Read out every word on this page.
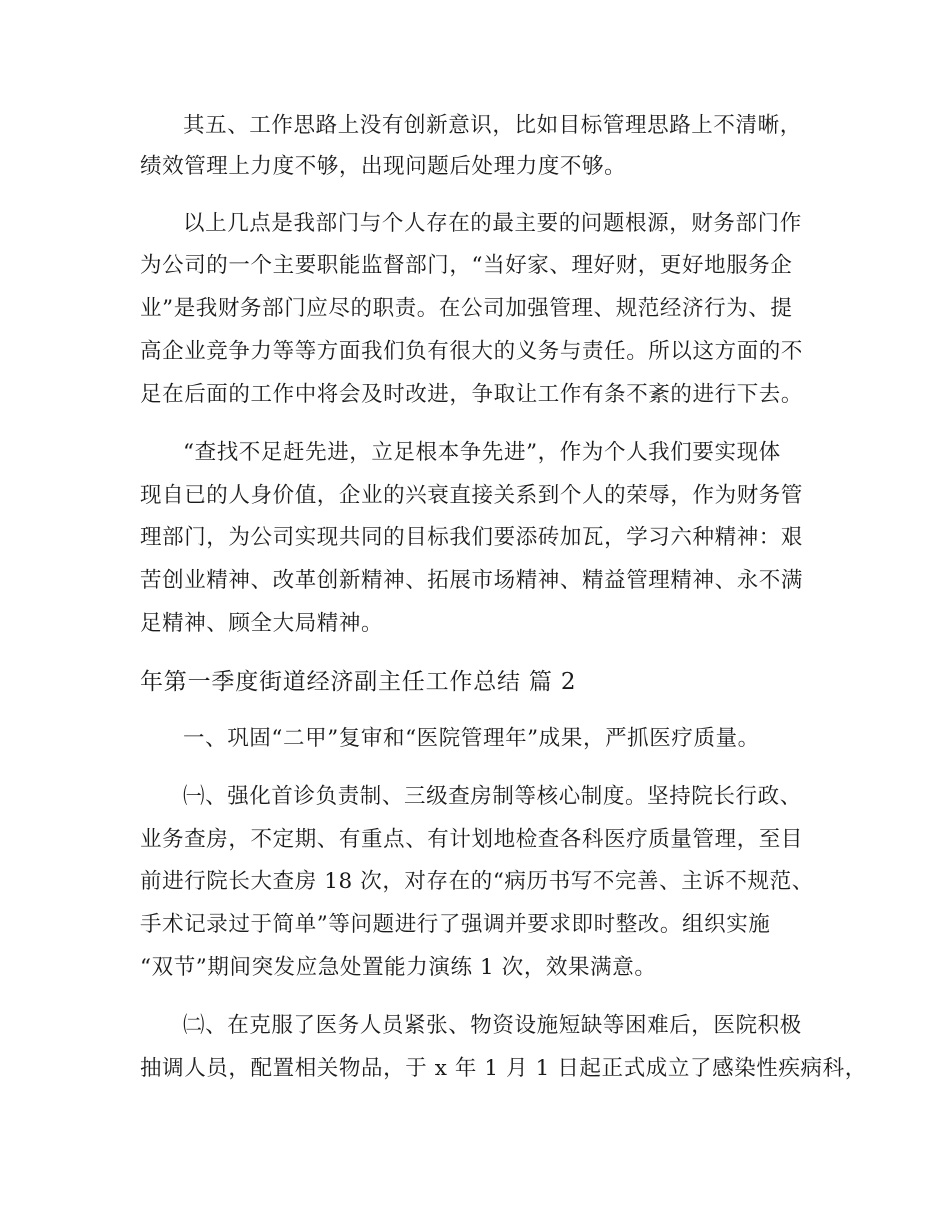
其五、工作思路上没有创新意识，比如目标管理思路上不清晰，
绩效管理上力度不够，出现问题后处理力度不够。
以上几点是我部门与个人存在的最主要的问题根源，财务部门作
为公司的一个主要职能监督部门，“当好家、理好财，更好地服务企
业”是我财务部门应尽的职责。在公司加强管理、规范经济行为、提
高企业竞争力等等方面我们负有很大的义务与责任。所以这方面的不
足在后面的工作中将会及时改进，争取让工作有条不紊的进行下去。
“查找不足赶先进，立足根本争先进”，作为个人我们要实现体
现自已的人身价值，企业的兴衰直接关系到个人的荣辱，作为财务管
理部门，为公司实现共同的目标我们要添砖加瓦，学习六种精神：艰
苦创业精神、改革创新精神、拓展市场精神、精益管理精神、永不满
足精神、顾全大局精神。
年第一季度街道经济副主任工作总结 篇 2
一、巩固“二甲”复审和“医院管理年”成果，严抓医疗质量。
㈠、强化首诊负责制、三级查房制等核心制度。坚持院长行政、
业务查房，不定期、有重点、有计划地检查各科医疗质量管理，至目
前进行院长大查房 18 次，对存在的“病历书写不完善、主诉不规范、
手术记录过于简单”等问题进行了强调并要求即时整改。组织实施
“双节”期间突发应急处置能力演练 1 次，效果满意。
㈡、在克服了医务人员紧张、物资设施短缺等困难后，医院积极
抽调人员，配置相关物品，于 x 年 1 月 1 日起正式成立了感染性疾病科，
